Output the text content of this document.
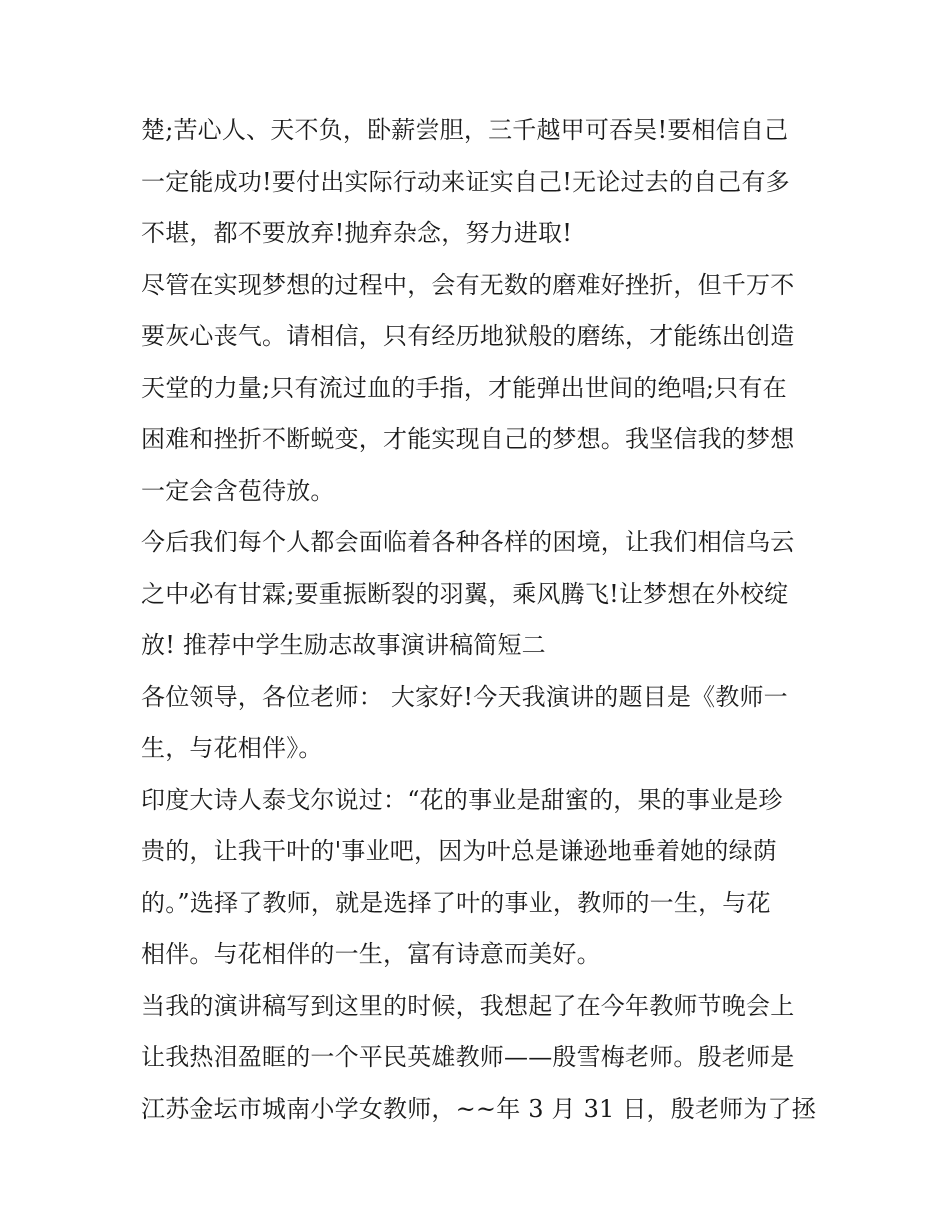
楚;苦心人、天不负，卧薪尝胆，三千越甲可吞吴!要相信自己
一定能成功!要付出实际行动来证实自己!无论过去的自己有多
不堪，都不要放弃!抛弃杂念，努力进取!
尽管在实现梦想的过程中，会有无数的磨难好挫折，但千万不
要灰心丧气。请相信，只有经历地狱般的磨练，才能练出创造
天堂的力量;只有流过血的手指，才能弹出世间的绝唱;只有在
困难和挫折不断蜕变，才能实现自己的梦想。我坚信我的梦想
一定会含苞待放。
今后我们每个人都会面临着各种各样的困境，让我们相信乌云
之中必有甘霖;要重振断裂的羽翼，乘风腾飞!让梦想在外校绽
放! 推荐中学生励志故事演讲稿简短二
各位领导，各位老师： 大家好!今天我演讲的题目是《教师一
生，与花相伴》。
印度大诗人泰戈尔说过：“花的事业是甜蜜的，果的事业是珍
贵的，让我干叶的'事业吧，因为叶总是谦逊地垂着她的绿荫
的。”选择了教师，就是选择了叶的事业，教师的一生，与花
相伴。与花相伴的一生，富有诗意而美好。
当我的演讲稿写到这里的时候，我想起了在今年教师节晚会上
让我热泪盈眶的一个平民英雄教师——殷雪梅老师。殷老师是
江苏金坛市城南小学女教师，~~年 3 月 31 日，殷老师为了拯
